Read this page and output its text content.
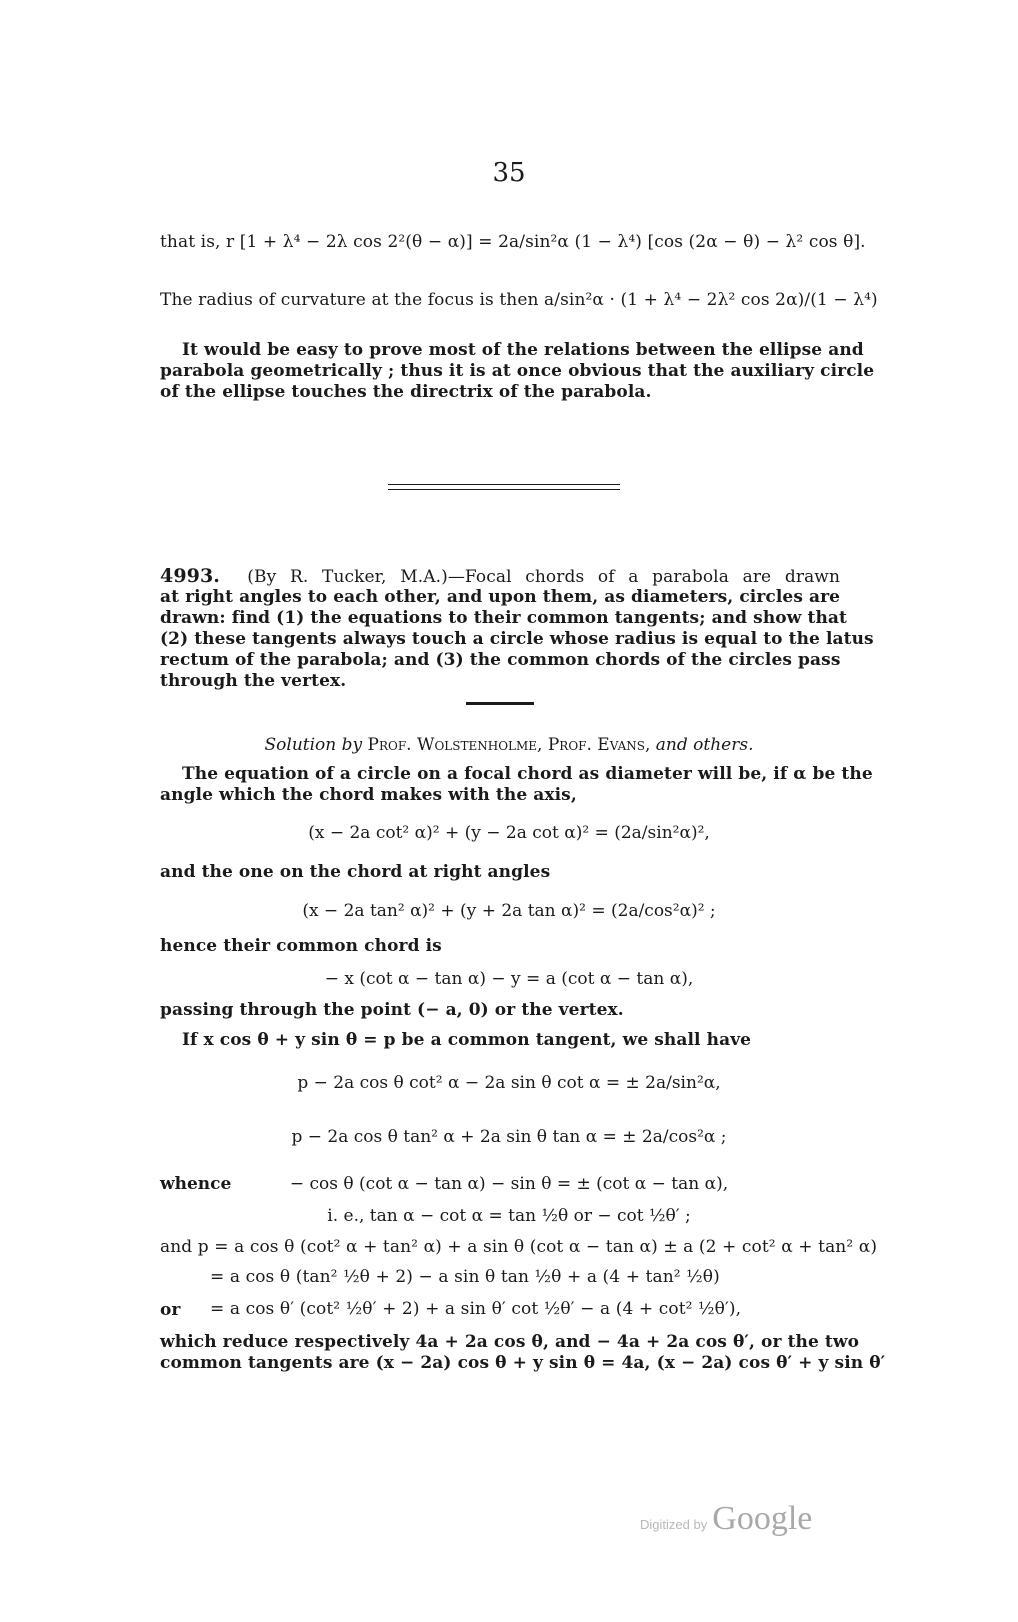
35
that is, r [1 + λ⁴ − 2λ cos 2²(θ − α)] = 2a/sin²α (1 − λ⁴) [cos (2α − θ) − λ² cos θ].
The radius of curvature at the focus is then a/sin²α · (1 + λ⁴ − 2λ² cos 2α)/(1 − λ⁴)
It would be easy to prove most of the relations between the ellipse and
parabola geometrically ; thus it is at once obvious that the auxiliary circle
of the ellipse touches the directrix of the parabola.
4993. (By R. Tucker, M.A.)—Focal chords of a parabola are drawn
at right angles to each other, and upon them, as diameters, circles are
drawn: find (1) the equations to their common tangents; and show that
(2) these tangents always touch a circle whose radius is equal to the latus
rectum of the parabola; and (3) the common chords of the circles pass
through the vertex.
Solution by Prof. Wolstenholme, Prof. Evans, and others.
The equation of a circle on a focal chord as diameter will be, if α be the
angle which the chord makes with the axis,
(x − 2a cot² α)² + (y − 2a cot α)² = (2a/sin²α)²,
and the one on the chord at right angles
(x − 2a tan² α)² + (y + 2a tan α)² = (2a/cos²α)² ;
hence their common chord is
− x (cot α − tan α) − y = a (cot α − tan α),
passing through the point (− a, 0) or the vertex.
If x cos θ + y sin θ = p be a common tangent, we shall have
p − 2a cos θ cot² α − 2a sin θ cot α = ± 2a/sin²α,
p − 2a cos θ tan² α + 2a sin θ tan α = ± 2a/cos²α ;
whence	− cos θ (cot α − tan α) − sin θ = ± (cot α − tan α),
i. e., tan α − cot α = tan ½θ or − cot ½θ′ ;
and p = a cos θ (cot² α + tan² α) + a sin θ (cot α − tan α) ± a (2 + cot² α + tan² α)
= a cos θ (tan² ½θ + 2) − a sin θ tan ½θ + a (4 + tan² ½θ)
or	= a cos θ′ (cot² ½θ′ + 2) + a sin θ′ cot ½θ′ − a (4 + cot² ½θ′),
which reduce respectively 4a + 2a cos θ, and − 4a + 2a cos θ′, or the two
common tangents are (x − 2a) cos θ + y sin θ = 4a, (x − 2a) cos θ′ + y sin θ′
Digitized by Google
